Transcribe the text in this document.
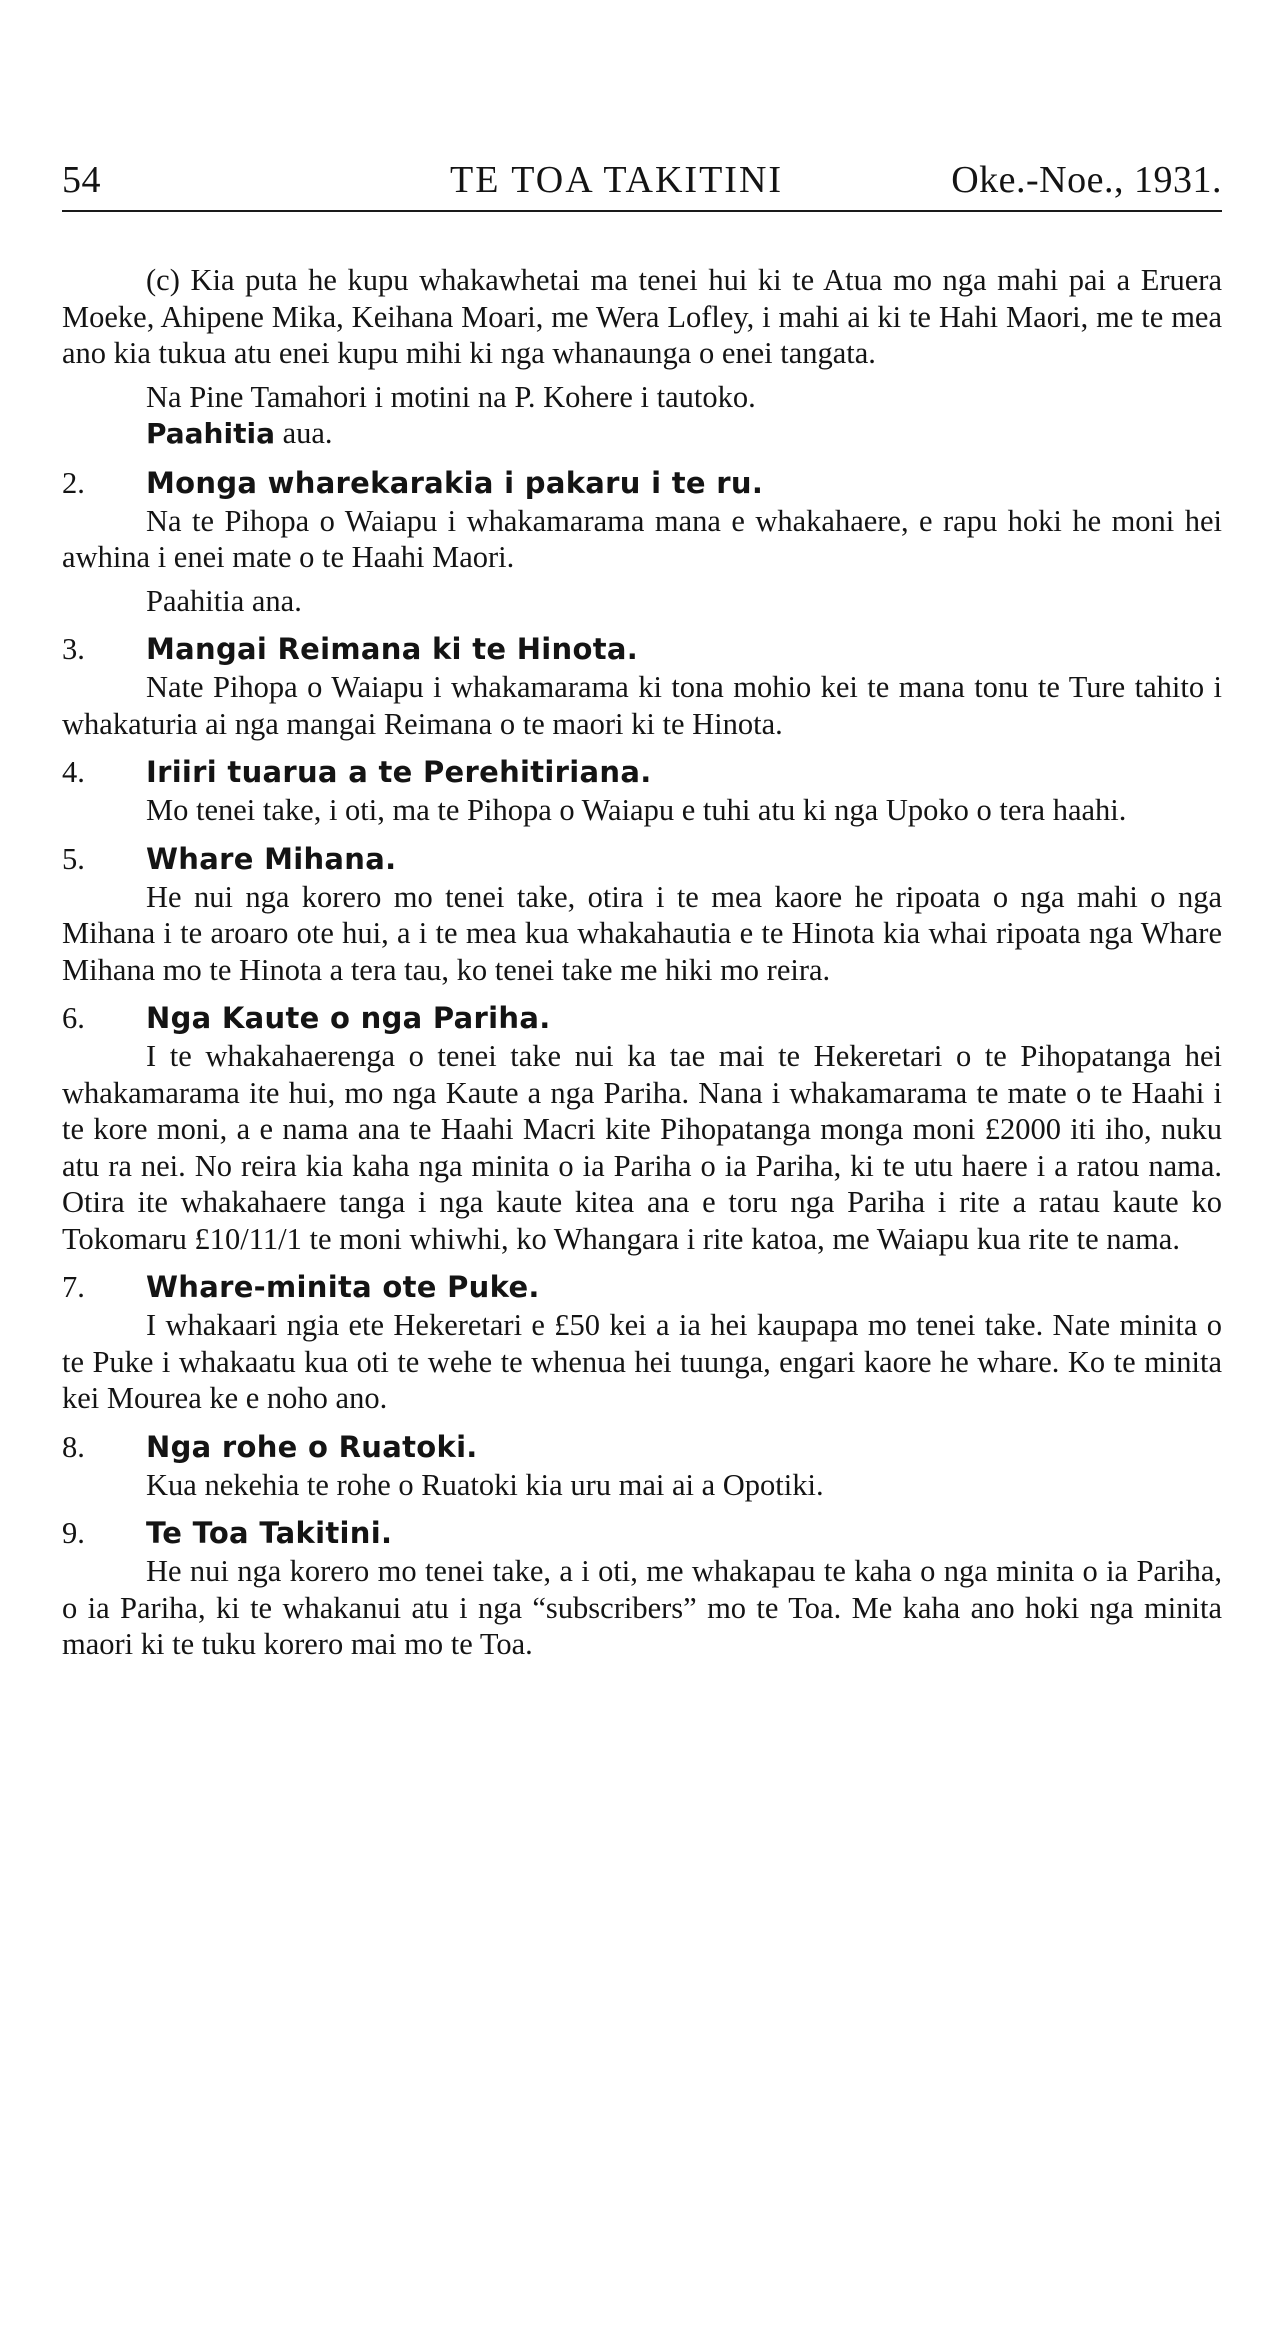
54	TE TOA TAKITINI	Oke.-Noe., 1931.

(c) Kia puta he kupu whakawhetai ma tenei hui ki te Atua mo nga mahi pai a Eruera Moeke, Ahipene Mika, Keihana Moari, me Wera Lofley, i mahi ai ki te Hahi Maori, me te mea ano kia tukua atu enei kupu mihi ki nga whanaunga o enei tangata.

Na Pine Tamahori i motini na P. Kohere i tautoko.

Paahitia aua.

2.	Monga wharekarakia i pakaru i te ru.

Na te Pihopa o Waiapu i whakamarama mana e whakahaere, e rapu hoki he moni hei awhina i enei mate o te Haahi Maori.

Paahitia ana.

3.	Mangai Reimana ki te Hinota.

Nate Pihopa o Waiapu i whakamarama ki tona mohio kei te mana tonu te Ture tahito i whakaturia ai nga mangai Reimana o te maori ki te Hinota.

4.	Iriiri tuarua a te Perehitiriana.

Mo tenei take, i oti, ma te Pihopa o Waiapu e tuhi atu ki nga Upoko o tera haahi.

5.	Whare Mihana.

He nui nga korero mo tenei take, otira i te mea kaore he ripoata o nga mahi o nga Mihana i te aroaro ote hui, a i te mea kua whakahautia e te Hinota kia whai ripoata nga Whare Mihana mo te Hinota a tera tau, ko tenei take me hiki mo reira.

6.	Nga Kaute o nga Pariha.

I te whakahaerenga o tenei take nui ka tae mai te Hekeretari o te Pihopatanga hei whakamarama ite hui, mo nga Kaute a nga Pariha. Nana i whakamarama te mate o te Haahi i te kore moni, a e nama ana te Haahi Macri kite Pihopatanga monga moni £2000 iti iho, nuku atu ra nei. No reira kia kaha nga minita o ia Pariha o ia Pariha, ki te utu haere i a ratou nama. Otira ite whakahaere tanga i nga kaute kitea ana e toru nga Pariha i rite a ratau kaute ko Tokomaru £10/11/1 te moni whiwhi, ko Whangara i rite katoa, me Waiapu kua rite te nama.

7.	Whare-minita ote Puke.

I whakaari ngia ete Hekeretari e £50 kei a ia hei kaupapa mo tenei take. Nate minita o te Puke i whakaatu kua oti te wehe te whenua hei tuunga, engari kaore he whare. Ko te minita kei Mourea ke e noho ano.

8.	Nga rohe o Ruatoki.

Kua nekehia te rohe o Ruatoki kia uru mai ai a Opotiki.

9.	Te Toa Takitini.

He nui nga korero mo tenei take, a i oti, me whakapau te kaha o nga minita o ia Pariha, o ia Pariha, ki te whakanui atu i nga “subscribers” mo te Toa. Me kaha ano hoki nga minita maori ki te tuku korero mai mo te Toa.
